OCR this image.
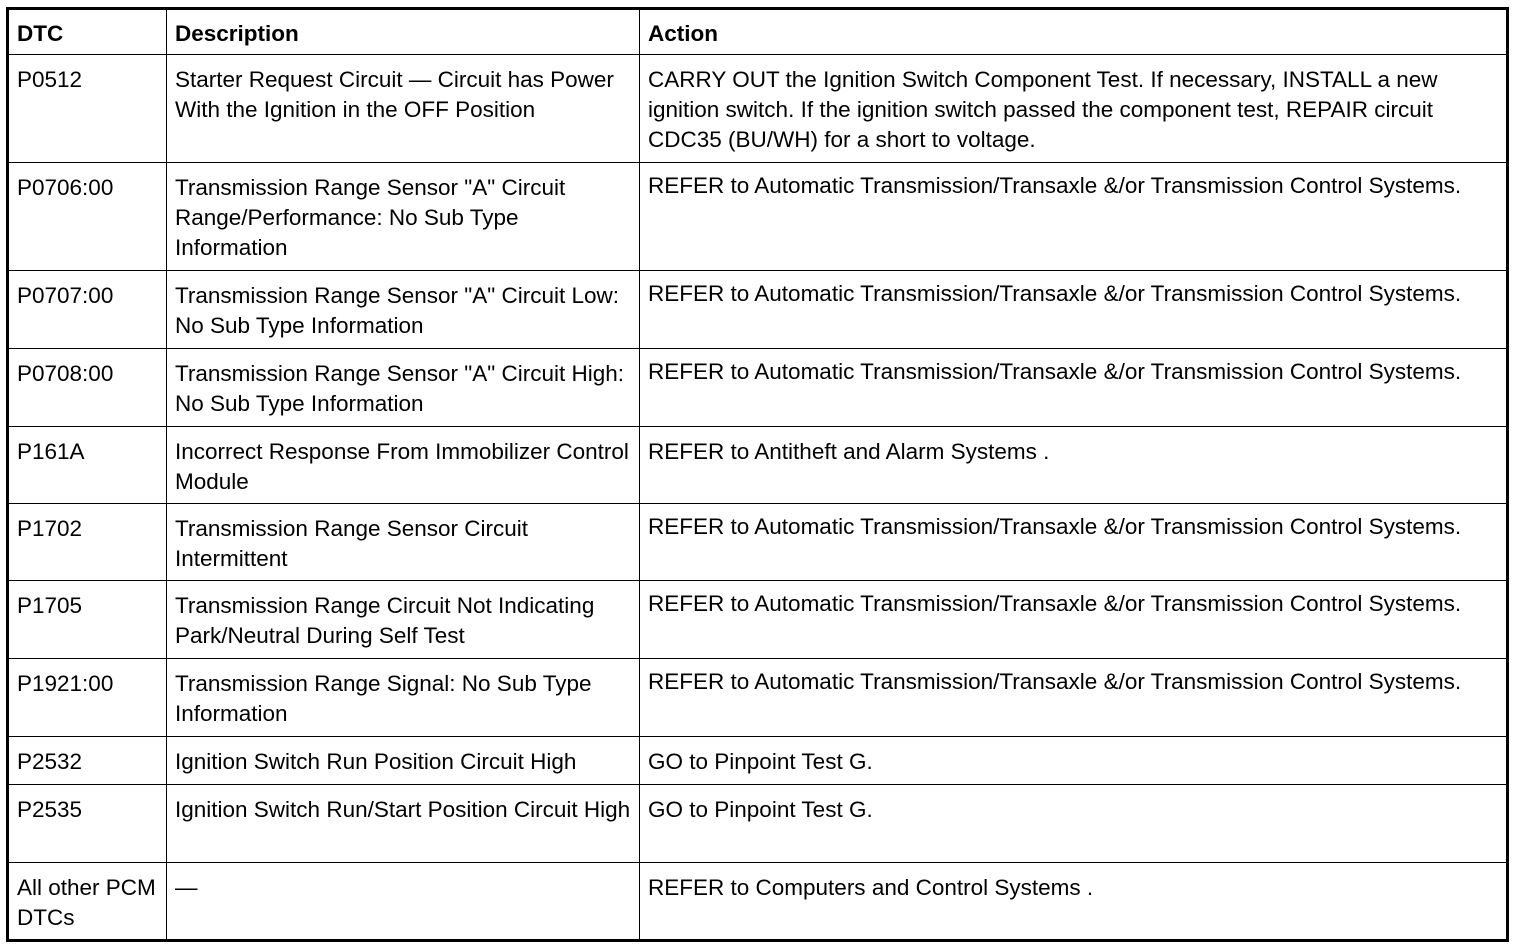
DTC	Description	Action
P0512	Starter Request Circuit — Circuit has Power With the Ignition in the OFF Position	CARRY OUT the Ignition Switch Component Test. If necessary, INSTALL a new ignition switch. If the ignition switch passed the component test, REPAIR circuit CDC35 (BU/WH) for a short to voltage.
P0706:00	Transmission Range Sensor "A" Circuit Range/Performance: No Sub Type Information	REFER to Automatic Transmission/Transaxle &/or Transmission Control Systems.
P0707:00	Transmission Range Sensor "A" Circuit Low: No Sub Type Information	REFER to Automatic Transmission/Transaxle &/or Transmission Control Systems.
P0708:00	Transmission Range Sensor "A" Circuit High: No Sub Type Information	REFER to Automatic Transmission/Transaxle &/or Transmission Control Systems.
P161A	Incorrect Response From Immobilizer Control Module	REFER to Antitheft and Alarm Systems .
P1702	Transmission Range Sensor Circuit Intermittent	REFER to Automatic Transmission/Transaxle &/or Transmission Control Systems.
P1705	Transmission Range Circuit Not Indicating Park/Neutral During Self Test	REFER to Automatic Transmission/Transaxle &/or Transmission Control Systems.
P1921:00	Transmission Range Signal: No Sub Type Information	REFER to Automatic Transmission/Transaxle &/or Transmission Control Systems.
P2532	Ignition Switch Run Position Circuit High	GO to Pinpoint Test G.
P2535	Ignition Switch Run/Start Position Circuit High	GO to Pinpoint Test G.
All other PCM DTCs	—	REFER to Computers and Control Systems .
